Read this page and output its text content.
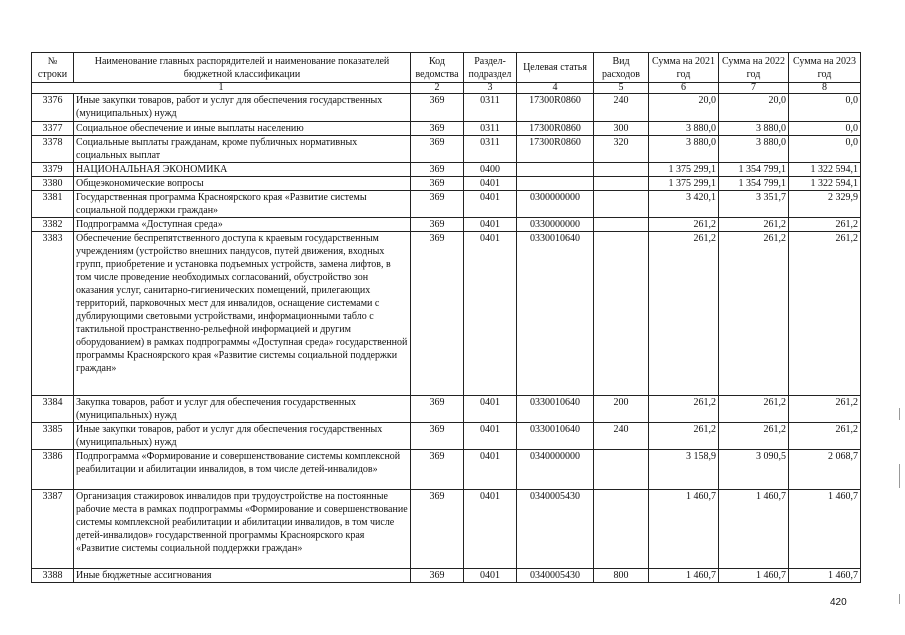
№ строки	Наименование главных распорядителей и наименование показателей бюджетной классификации	Код ведомства	Раздел-подраздел	Целевая статья	Вид расходов	Сумма на 2021 год	Сумма на 2022 год	Сумма на 2023 год
1		2	3	4	5	6	7	8
3376	Иные закупки товаров, работ и услуг для обеспечения государственных (муниципальных) нужд	369	0311	17300R0860	240	20,0	20,0	0,0
3377	Социальное обеспечение и иные выплаты населению	369	0311	17300R0860	300	3 880,0	3 880,0	0,0
3378	Социальные выплаты гражданам, кроме публичных нормативных социальных выплат	369	0311	17300R0860	320	3 880,0	3 880,0	0,0
3379	НАЦИОНАЛЬНАЯ ЭКОНОМИКА	369	0400			1 375 299,1	1 354 799,1	1 322 594,1
3380	Общеэкономические вопросы	369	0401			1 375 299,1	1 354 799,1	1 322 594,1
3381	Государственная программа Красноярского края «Развитие системы социальной поддержки граждан»	369	0401	0300000000		3 420,1	3 351,7	2 329,9
3382	Подпрограмма «Доступная среда»	369	0401	0330000000		261,2	261,2	261,2
3383	Обеспечение беспрепятственного доступа к краевым государственным учреждениям (устройство внешних пандусов, путей движения, входных групп, приобретение и установка подъемных устройств, замена лифтов, в том числе проведение необходимых согласований, обустройство зон оказания услуг, санитарно-гигиенических помещений, прилегающих территорий, парковочных мест для инвалидов, оснащение системами с дублирующими световыми устройствами, информационными табло с тактильной пространственно-рельефной информацией и другим оборудованием) в рамках подпрограммы «Доступная среда» государственной программы Красноярского края «Развитие системы социальной поддержки граждан»	369	0401	0330010640		261,2	261,2	261,2
3384	Закупка товаров, работ и услуг для обеспечения государственных (муниципальных) нужд	369	0401	0330010640	200	261,2	261,2	261,2
3385	Иные закупки товаров, работ и услуг для обеспечения государственных (муниципальных) нужд	369	0401	0330010640	240	261,2	261,2	261,2
3386	Подпрограмма «Формирование и совершенствование системы комплексной реабилитации и абилитации инвалидов, в том числе детей-инвалидов»	369	0401	0340000000		3 158,9	3 090,5	2 068,7
3387	Организация стажировок инвалидов при трудоустройстве на постоянные рабочие места в рамках подпрограммы «Формирование и совершенствование системы комплексной реабилитации и абилитации инвалидов, в том числе детей-инвалидов» государственной программы Красноярского края «Развитие системы социальной поддержки граждан»	369	0401	0340005430		1 460,7	1 460,7	1 460,7
3388	Иные бюджетные ассигнования	369	0401	0340005430	800	1 460,7	1 460,7	1 460,7
420
